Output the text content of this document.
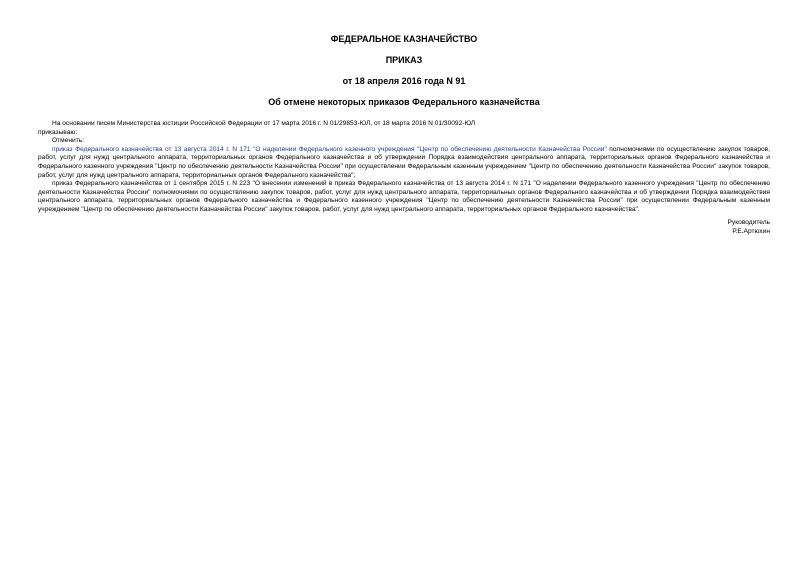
ФЕДЕРАЛЬНОЕ КАЗНАЧЕЙСТВО

ПРИКАЗ

от 18 апреля 2016 года N 91

Об отмене некоторых приказов Федерального казначейства

На основании писем Министерства юстиции Российской Федерации от 17 марта 2016 г. N 01/29853-ЮЛ, от 18 марта 2016 N 01/30092-ЮЛ

приказываю:

Отменить:

приказ Федерального казначейства от 13 августа 2014 г. N 171 "О наделении Федерального казенного учреждения "Центр по обеспечению деятельности Казначейства России" полномочиями по осуществлению закупок товаров, работ, услуг для нужд центрального аппарата, территориальных органов Федерального казначейства и об утверждении Порядка взаимодействия центрального аппарата, территориальных органов Федерального казначейства и Федерального казенного учреждения "Центр по обеспечению деятельности Казначейства России" при осуществлении Федеральным казенным учреждением "Центр по обеспечению деятельности Казначейства России" закупок товаров, работ, услуг для нужд центрального аппарата, территориальных органов Федерального казначейства";

приказ Федерального казначейства от 1 сентября 2015 г. N 223 "О внесении изменений в приказ Федерального казначейства от 13 августа 2014 г. N 171 "О наделении Федерального казенного учреждения "Центр по обеспечению деятельности Казначейства России" полномочиями по осуществлению закупок товаров, работ, услуг для нужд центрального аппарата, территориальных органов Федерального казначейства и об утверждении Порядка взаимодействия центрального аппарата, территориальных органов Федерального казначейства и Федерального казенного учреждения "Центр по обеспечению деятельности Казначейства России" при осуществлении Федеральным казенным учреждением "Центр по обеспечению деятельности Казначейства России" закупок товаров, работ, услуг для нужд центрального аппарата, территориальных органов Федерального казначейства".

Руководитель
Р.Е.Артюхин
